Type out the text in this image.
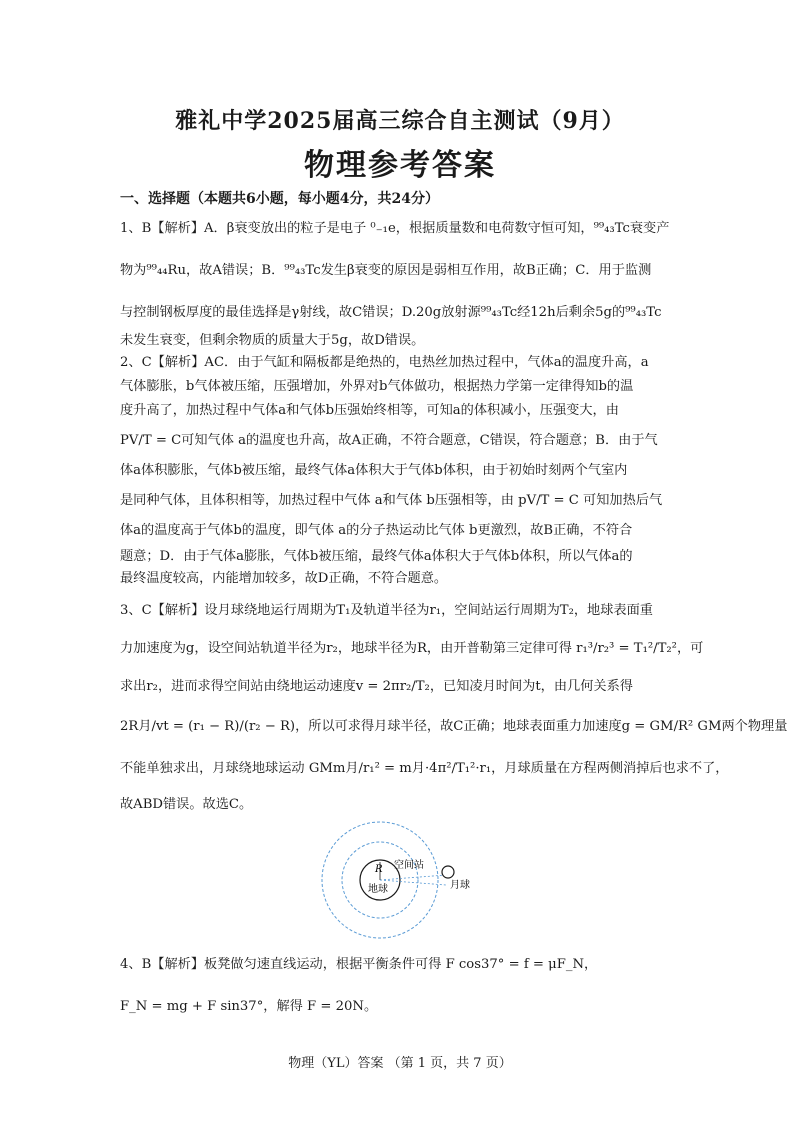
雅礼中学2025届高三综合自主测试（9月）
物理参考答案
一、选择题（本题共6小题，每小题4分，共24分）
1、B【解析】A．β衰变放出的粒子是电子 ⁰₋₁e，根据质量数和电荷数守恒可知，⁹⁹₄₃Tc衰变产
物为⁹⁹₄₄Ru，故A错误；B．⁹⁹₄₃Tc发生β衰变的原因是弱相互作用，故B正确；C．用于监测
与控制钢板厚度的最佳选择是γ射线，故C错误；D.20g放射源⁹⁹₄₃Tc经12h后剩余5g的⁹⁹₄₃Tc
未发生衰变，但剩余物质的质量大于5g，故D错误。
2、C【解析】AC．由于气缸和隔板都是绝热的，电热丝加热过程中，气体a的温度升高，a
气体膨胀，b气体被压缩，压强增加，外界对b气体做功，根据热力学第一定律得知b的温
度升高了，加热过程中气体a和气体b压强始终相等，可知a的体积减小，压强变大，由
PV/T = C可知气体 a的温度也升高，故A正确，不符合题意，C错误，符合题意；B．由于气
体a体积膨胀，气体b被压缩，最终气体a体积大于气体b体积，由于初始时刻两个气室内
是同种气体，且体积相等，加热过程中气体 a和气体 b压强相等，由 pV/T = C 可知加热后气
体a的温度高于气体b的温度，即气体 a的分子热运动比气体 b更激烈，故B正确，不符合
题意；D．由于气体a膨胀，气体b被压缩，最终气体a体积大于气体b体积，所以气体a的
最终温度较高，内能增加较多，故D正确，不符合题意。
3、C【解析】设月球绕地运行周期为T₁及轨道半径为r₁，空间站运行周期为T₂，地球表面重
力加速度为g，设空间站轨道半径为r₂，地球半径为R，由开普勒第三定律可得 r₁³/r₂³ = T₁²/T₂²，可
求出r₂，进而求得空间站由绕地运动速度v = 2πr₂/T₂，已知凌月时间为t，由几何关系得
2R月/vt = (r₁ − R)/(r₂ − R)，所以可求得月球半径，故C正确；地球表面重力加速度g = GM/R² GM两个物理量
不能单独求出，月球绕地球运动 GMm月/r₁² = m月·4π²/T₁²·r₁，月球质量在方程两侧消掉后也求不了，
故ABD错误。故选C。
R
地球
空间站
月球
4、B【解析】板凳做匀速直线运动，根据平衡条件可得 F cos37° = f = μF_N，
F_N = mg + F sin37°，解得 F = 20N。
物理（YL）答案 （第 1 页，共 7 页）
